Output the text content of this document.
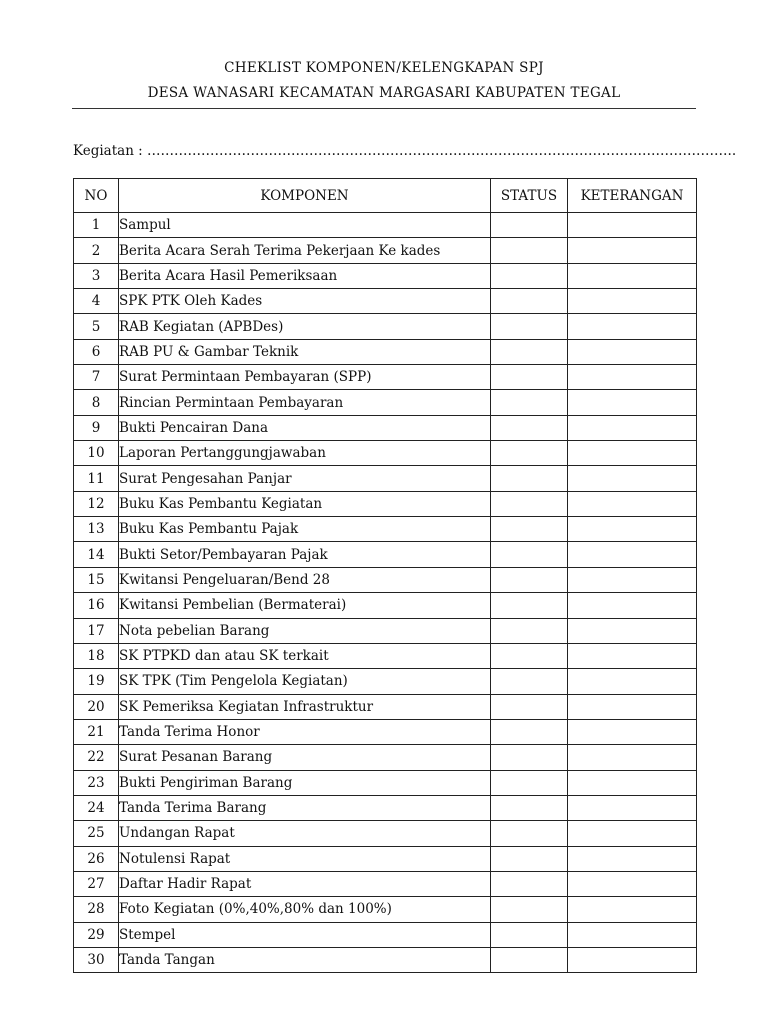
CHEKLIST KOMPONEN/KELENGKAPAN SPJ
DESA WANASARI KECAMATAN MARGASARI KABUPATEN TEGAL
Kegiatan : …………………………………………………………………………………………………………………..
NO	KOMPONEN	STATUS	KETERANGAN
1	Sampul		
2	Berita Acara Serah Terima Pekerjaan Ke kades		
3	Berita Acara Hasil Pemeriksaan		
4	SPK PTK Oleh Kades		
5	RAB Kegiatan (APBDes)		
6	RAB PU & Gambar Teknik		
7	Surat Permintaan Pembayaran (SPP)		
8	Rincian Permintaan Pembayaran		
9	Bukti Pencairan Dana		
10	Laporan Pertanggungjawaban		
11	Surat Pengesahan Panjar		
12	Buku Kas Pembantu Kegiatan		
13	Buku Kas Pembantu Pajak		
14	Bukti Setor/Pembayaran Pajak		
15	Kwitansi Pengeluaran/Bend 28		
16	Kwitansi Pembelian (Bermaterai)		
17	Nota pebelian Barang		
18	SK PTPKD dan atau SK terkait		
19	SK TPK (Tim Pengelola Kegiatan)		
20	SK Pemeriksa Kegiatan Infrastruktur		
21	Tanda Terima Honor		
22	Surat Pesanan Barang		
23	Bukti Pengiriman Barang		
24	Tanda Terima Barang		
25	Undangan Rapat		
26	Notulensi Rapat		
27	Daftar Hadir Rapat		
28	Foto Kegiatan (0%,40%,80% dan 100%)		
29	Stempel		
30	Tanda Tangan		
